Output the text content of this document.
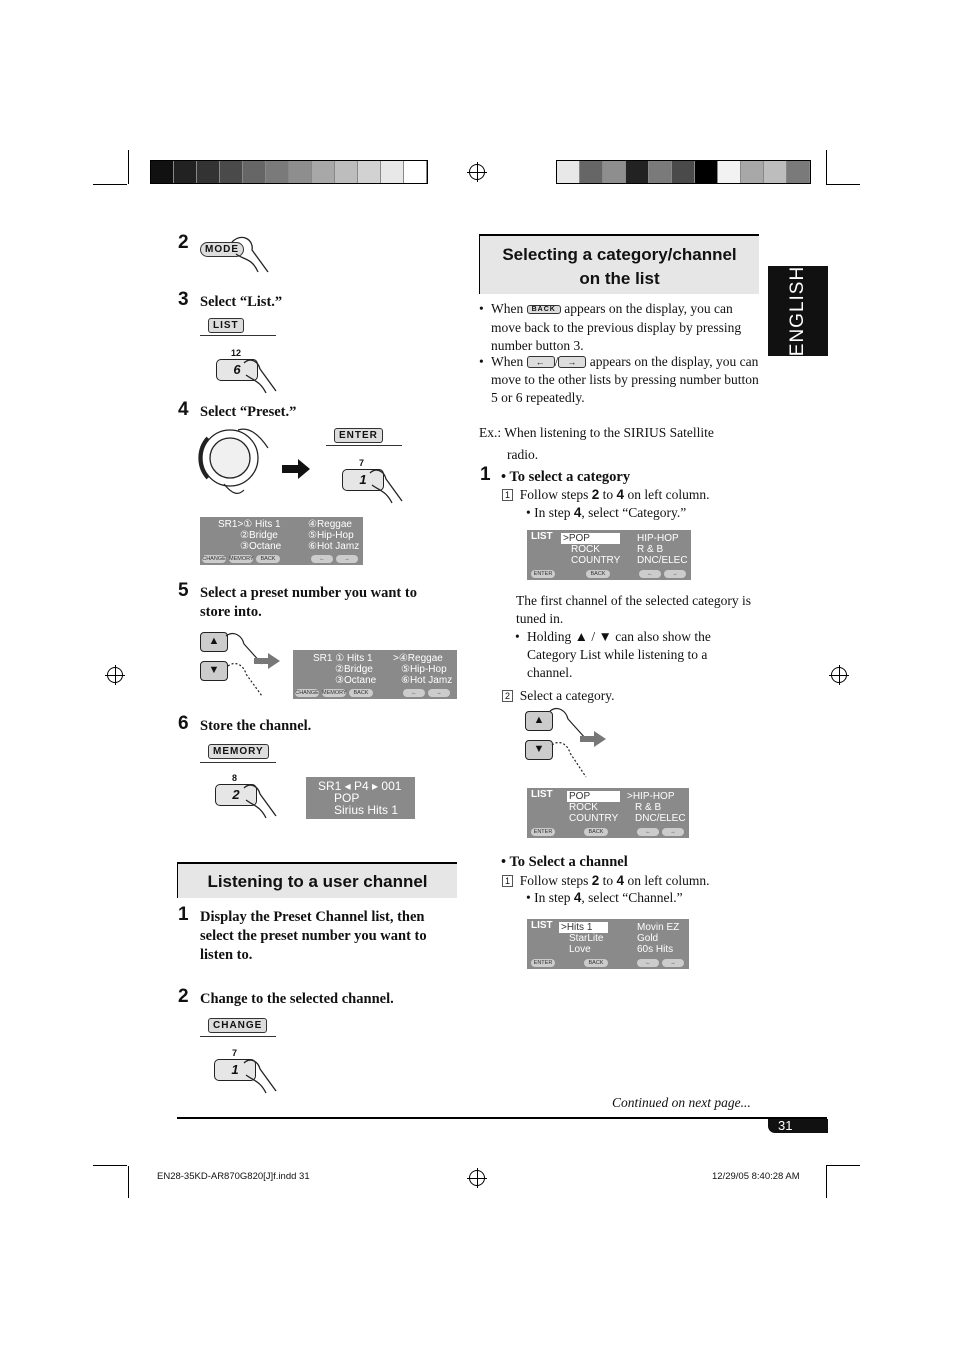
ENGLISH
2	MODE
3 Select “List.”
LIST
12
6
4 Select “Preset.”
ENTER
7
1
SR1>① Hits 1	④Reggae
②Bridge	⑤Hip-Hop
③Octane	⑥Hot Jamz
CHANGE MEMORY	BACK	←	→
5 Select a preset number you want to store into.
▲
▼
SR1 ① Hits 1 >④Reggae
②Bridge	⑤Hip-Hop
③Octane ⑥Hot Jamz
CHANGE MEMORY	BACK	←	→
6 Store the channel.
MEMORY
8
2
SR1 ◂ P4 ▸ 001
POP
Sirius Hits 1
Listening to a user channel
1 Display the Preset Channel list, then select the preset number you want to listen to.
2 Change to the selected channel.
CHANGE
7
1
Selecting a category/channel on the list
• When BACK appears on the display, you can move back to the previous display by pressing number button 3.
• When ← / → appears on the display, you can move to the other lists by pressing number button 5 or 6 repeatedly.
Ex.: When listening to the SIRIUS Satellite
radio.
1 • To select a category
1 Follow steps 2 to 4 on left column.
• In step 4, select “Category.”
LIST >POP	HIP-HOP
ROCK	R & B
COUNTRY DNC/ELEC
ENTER	BACK	←	→
The first channel of the selected category is tuned in.
• Holding ▲ / ▼ can also show the Category List while listening to a channel.
2 Select a category.
▲
▼
LIST POP	>HIP-HOP
ROCK	R & B
COUNTRY DNC/ELEC
ENTER	BACK	←	→
• To Select a channel
1 Follow steps 2 to 4 on left column.
• In step 4, select “Channel.”
LIST >Hits 1	Movin EZ
StarLite	Gold
Love	60s Hits
ENTER	BACK	←	→
Continued on next page...
31
EN28-35KD-AR870G820[J]f.indd 31	12/29/05 8:40:28 AM
